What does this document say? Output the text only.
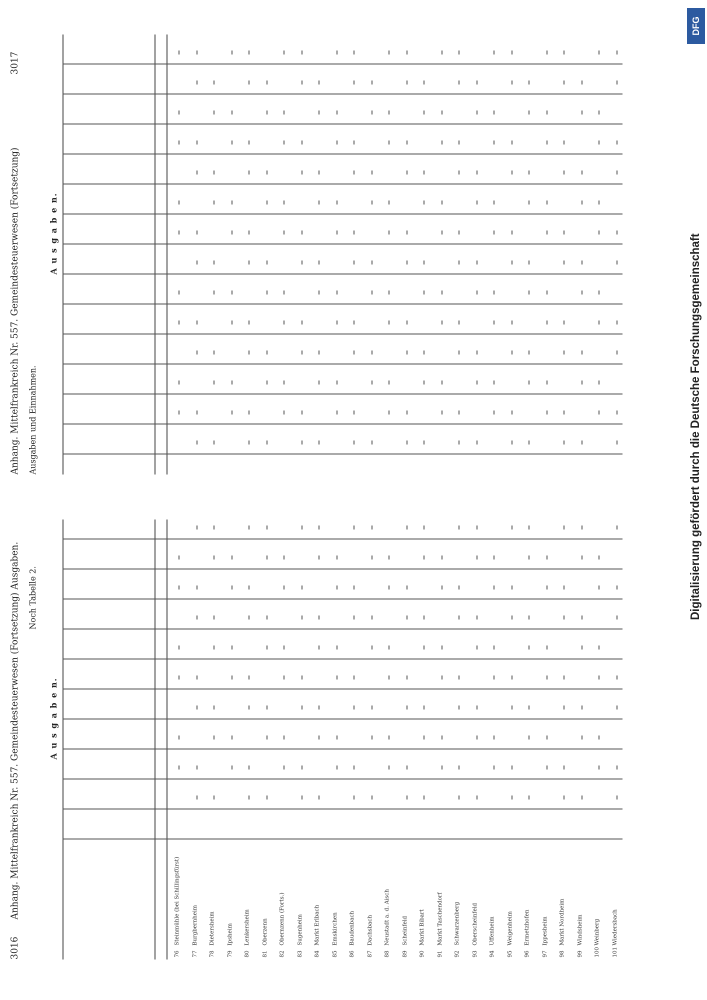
3016
Anhang. Mittelfrankreich Nr. 557. Gemeindesteuerwesen (Fortsetzung) Ausgaben. Noch Tabelle 2.
A u s g a b e n.
76
Steinmühle (bei Schillingsfürst)
77
Burgbernheim
78
Dietersheim
79
Ipsheim
80
Lenkersheim
81
Oberzenn
82
Obernzenn (Forts.)
83
Sugenheim
84
Markt Erlbach
85
Emskirchen
86
Baudenbach
87
Dachsbach
88
Neustadt a. d. Aisch
89
Scheinfeld
90
Markt Bibart
91
Markt Taschendorf
92
Schwarzenberg
93
Oberscheinfeld
94
Uffenheim
95
Weigenheim
96
Ermetzhofen
97
Ippesheim
98
Markt Nordheim
99
Windsheim
100
Weinberg
101
Wiedersbach
Anhang. Mittelfrankreich Nr. 557. Gemeindesteuerwesen (Fortsetzung)
3017
Ausgaben und Einnahmen.
A u s g a b e n.	Digitalisierung gefördert durch die Deutsche Forschungsgemeinschaft
DFG
